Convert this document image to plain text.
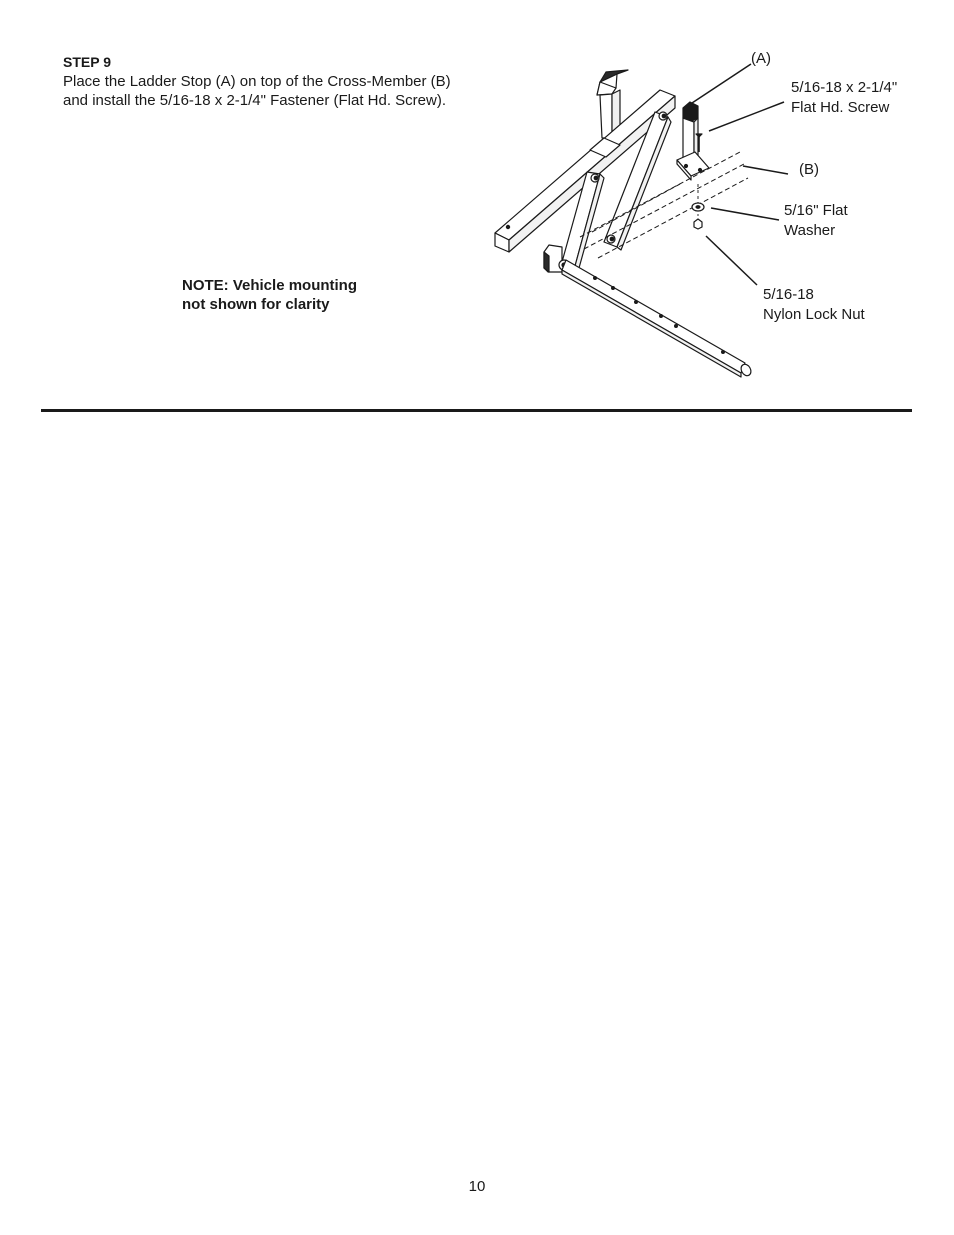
STEP 9
Place the Ladder Stop (A) on top of the Cross-Member (B)
and install the 5/16-18 x 2-1/4" Fastener (Flat Hd. Screw).
NOTE: Vehicle mounting
not shown for clarity
(A)
5/16-18 x 2-1/4"
Flat Hd. Screw
(B)
5/16" Flat
Washer
5/16-18
Nylon Lock Nut
10
